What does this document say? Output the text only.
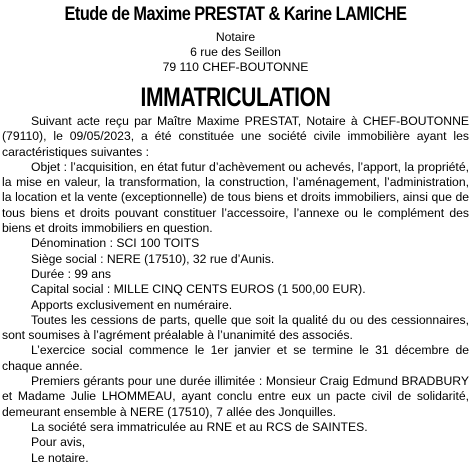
Etude de Maxime PRESTAT & Karine LAMICHE
Notaire
6 rue des Seillon
79 110 CHEF-BOUTONNE
IMMATRICULATION

Suivant acte reçu par Maître Maxime PRESTAT, Notaire à CHEF-BOUTONNE (79110), le 09/05/2023, a été constituée une société civile immobilière ayant les caractéristiques suivantes :

Objet : l’acquisition, en état futur d’achèvement ou achevés, l’apport, la propriété, la mise en valeur, la transformation, la construction, l’aménagement, l’administration, la location et la vente (exceptionnelle) de tous biens et droits immobiliers, ainsi que de tous biens et droits pouvant constituer l’accessoire, l’annexe ou le complément des biens et droits immobiliers en question.

Dénomination : SCI 100 TOITS

Siège social : NERE (17510), 32 rue d’Aunis.

Durée : 99 ans

Capital social : MILLE CINQ CENTS EUROS (1 500,00 EUR).

Apports exclusivement en numéraire.

Toutes les cessions de parts, quelle que soit la qualité du ou des cessionnaires, sont soumises à l’agrément préalable à l’unanimité des associés.

L’exercice social commence le 1er janvier et se termine le 31 décembre de chaque année.

Premiers gérants pour une durée illimitée : Monsieur Craig Edmund BRADBURY et Madame Julie LHOMMEAU, ayant conclu entre eux un pacte civil de solidarité, demeurant ensemble à NERE (17510), 7 allée des Jonquilles.

La société sera immatriculée au RNE et au RCS de SAINTES.

Pour avis,

Le notaire.
